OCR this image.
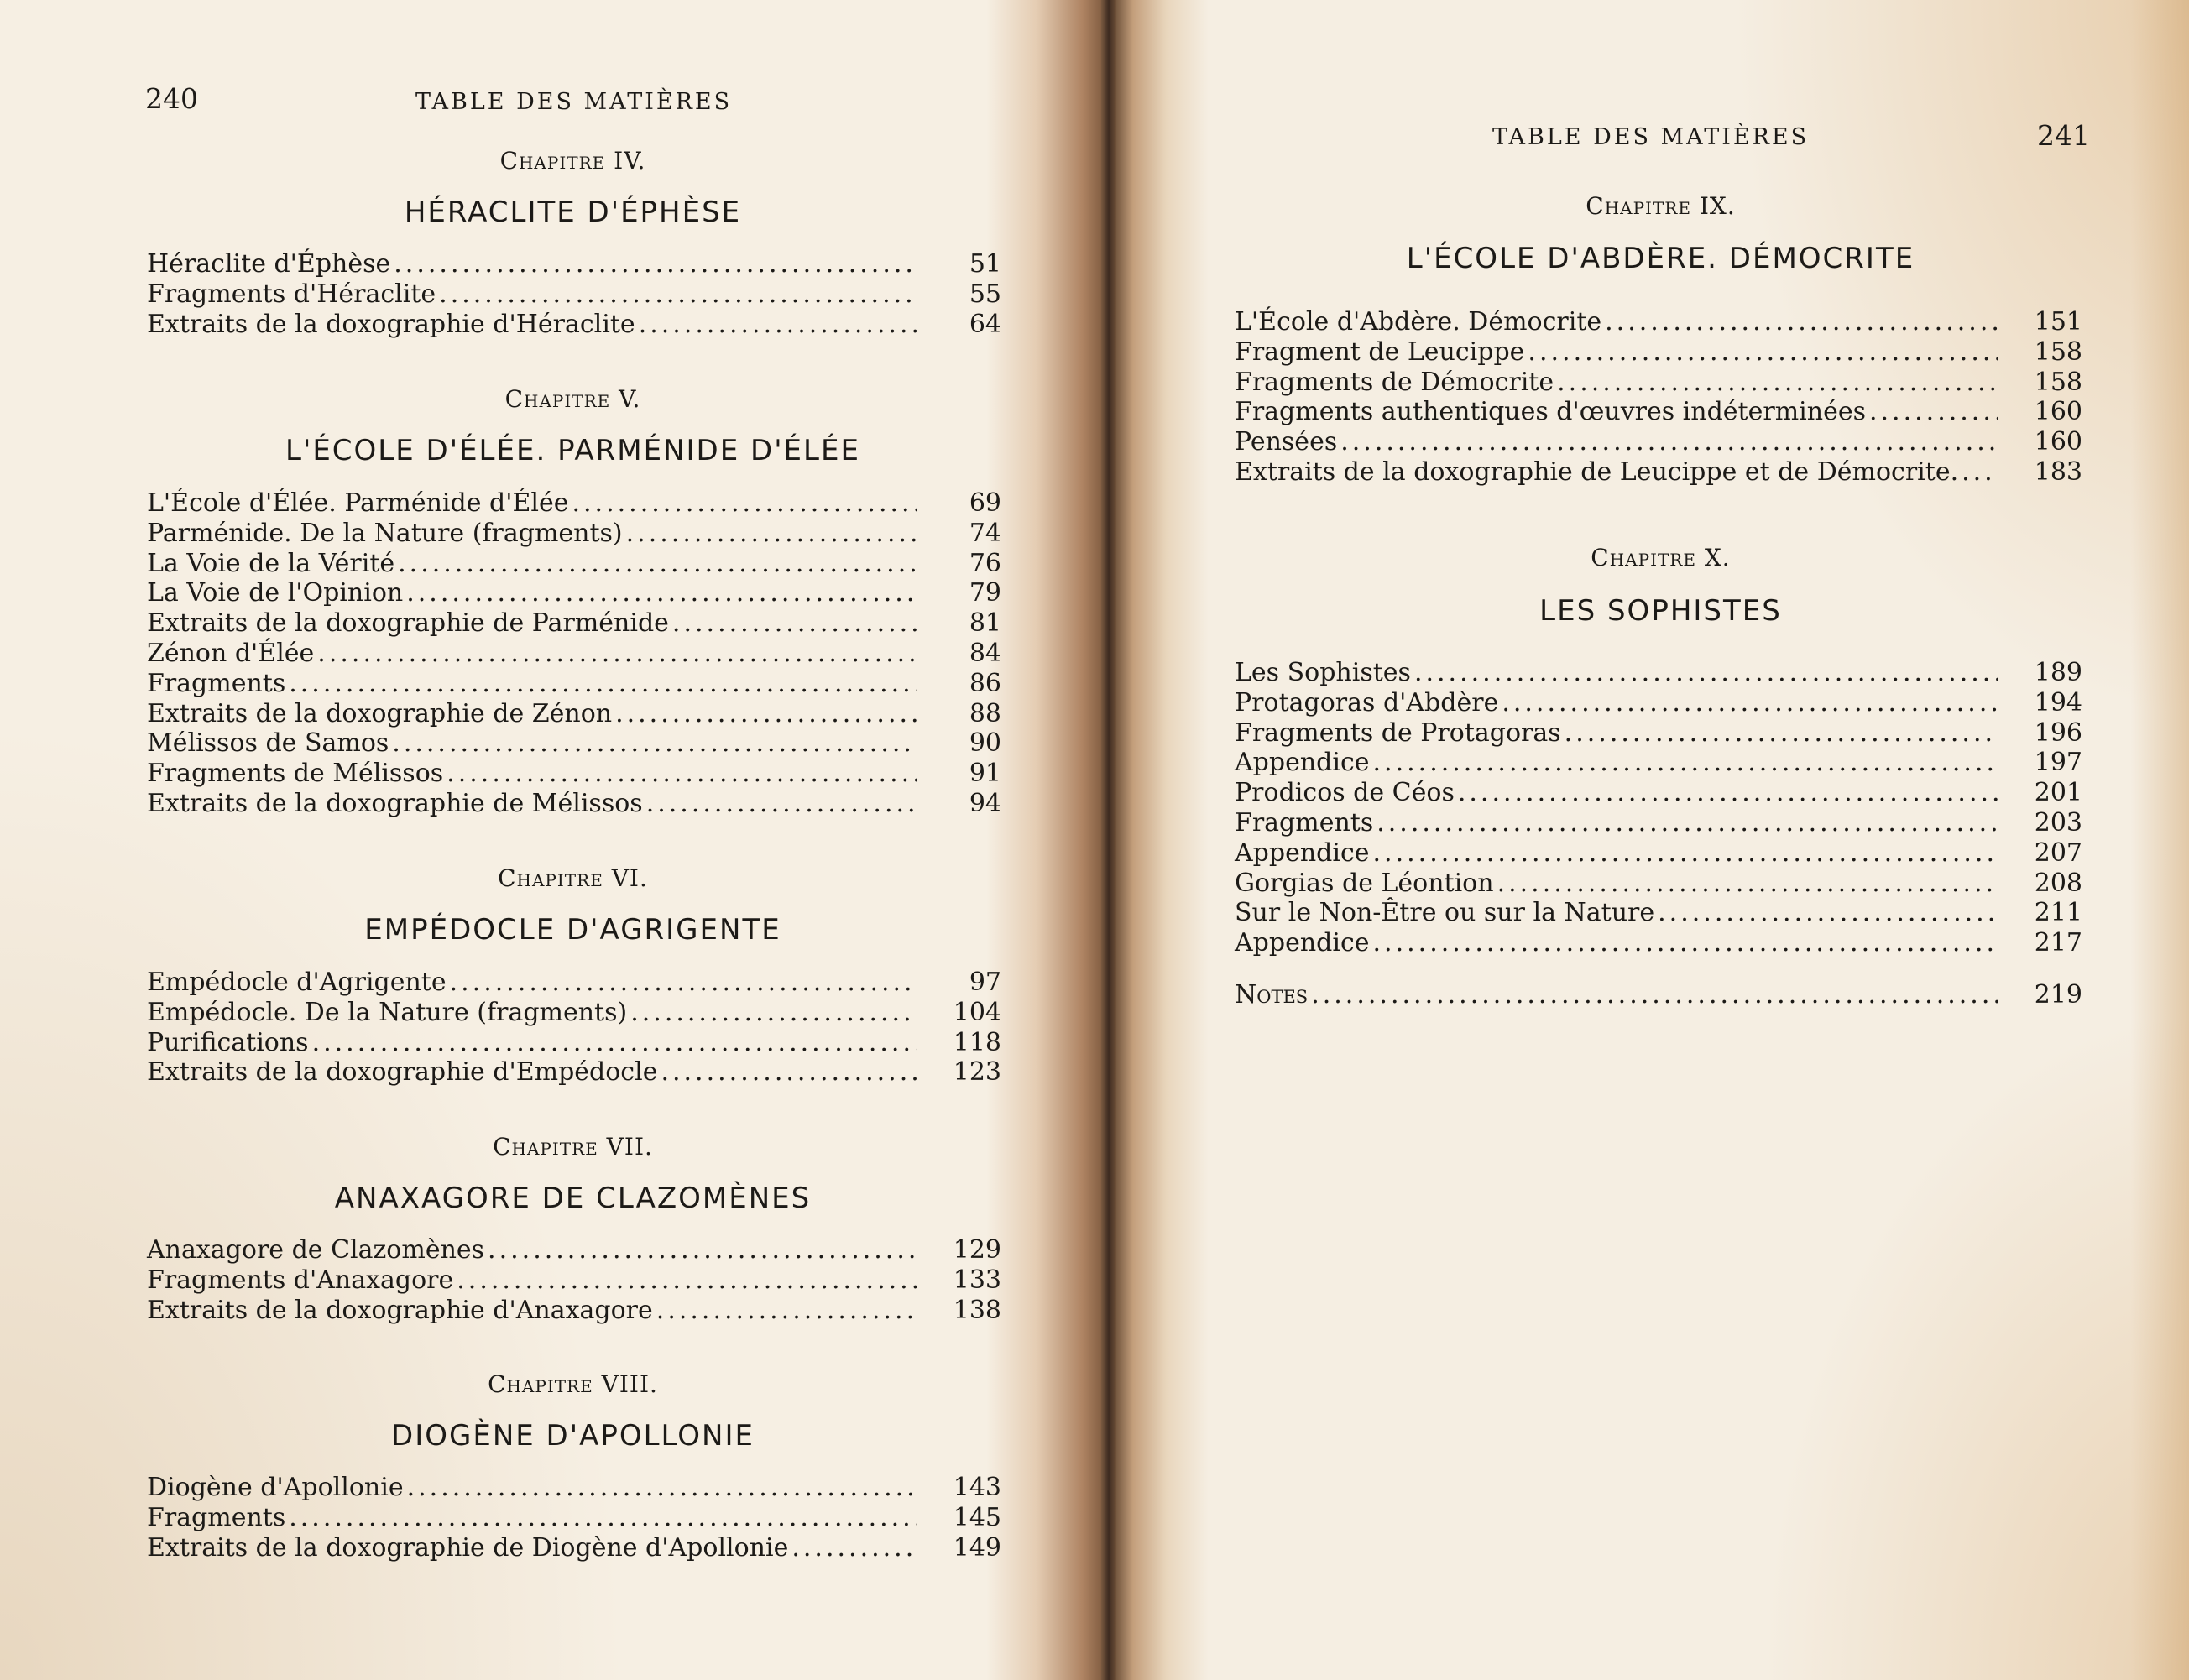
240	TABLE DES MATIÈRES
Chapitre IV.
HÉRACLITE D'ÉPHÈSE
Héraclite d'Éphèse .....	51
Fragments d'Héraclite .....	55
Extraits de la doxographie d'Héraclite .....	64
Chapitre V.
L'ÉCOLE D'ÉLÉE. PARMÉNIDE D'ÉLÉE
L'École d'Élée. Parménide d'Élée .....	69
Parménide. De la Nature (fragments) .....	74
La Voie de la Vérité .....	76
La Voie de l'Opinion .....	79
Extraits de la doxographie de Parménide .....	81
Zénon d'Élée .....	84
Fragments .....	86
Extraits de la doxographie de Zénon .....	88
Mélissos de Samos .....	90
Fragments de Mélissos .....	91
Extraits de la doxographie de Mélissos .....	94
Chapitre VI.
EMPÉDOCLE D'AGRIGENTE
Empédocle d'Agrigente .....	97
Empédocle. De la Nature (fragments) .....	104
Purifications .....	118
Extraits de la doxographie d'Empédocle .....	123
Chapitre VII.
ANAXAGORE DE CLAZOMÈNES
Anaxagore de Clazomènes .....	129
Fragments d'Anaxagore .....	133
Extraits de la doxographie d'Anaxagore .....	138
Chapitre VIII.
DIOGÈNE D'APOLLONIE
Diogène d'Apollonie .....	143
Fragments .....	145
Extraits de la doxographie de Diogène d'Apollonie .....	149
TABLE DES MATIÈRES	241
Chapitre IX.
L'ÉCOLE D'ABDÈRE. DÉMOCRITE
L'École d'Abdère. Démocrite .....	151
Fragment de Leucippe .....	158
Fragments de Démocrite .....	158
Fragments authentiques d'œuvres indéterminées .....	160
Pensées .....	160
Extraits de la doxographie de Leucippe et de Démocrite. .....	183
Chapitre X.
LES SOPHISTES
Les Sophistes .....	189
Protagoras d'Abdère .....	194
Fragments de Protagoras .....	196
Appendice .....	197
Prodicos de Céos .....	201
Fragments .....	203
Appendice .....	207
Gorgias de Léontion .....	208
Sur le Non-Être ou sur la Nature .....	211
Appendice .....	217
Notes .....	219
